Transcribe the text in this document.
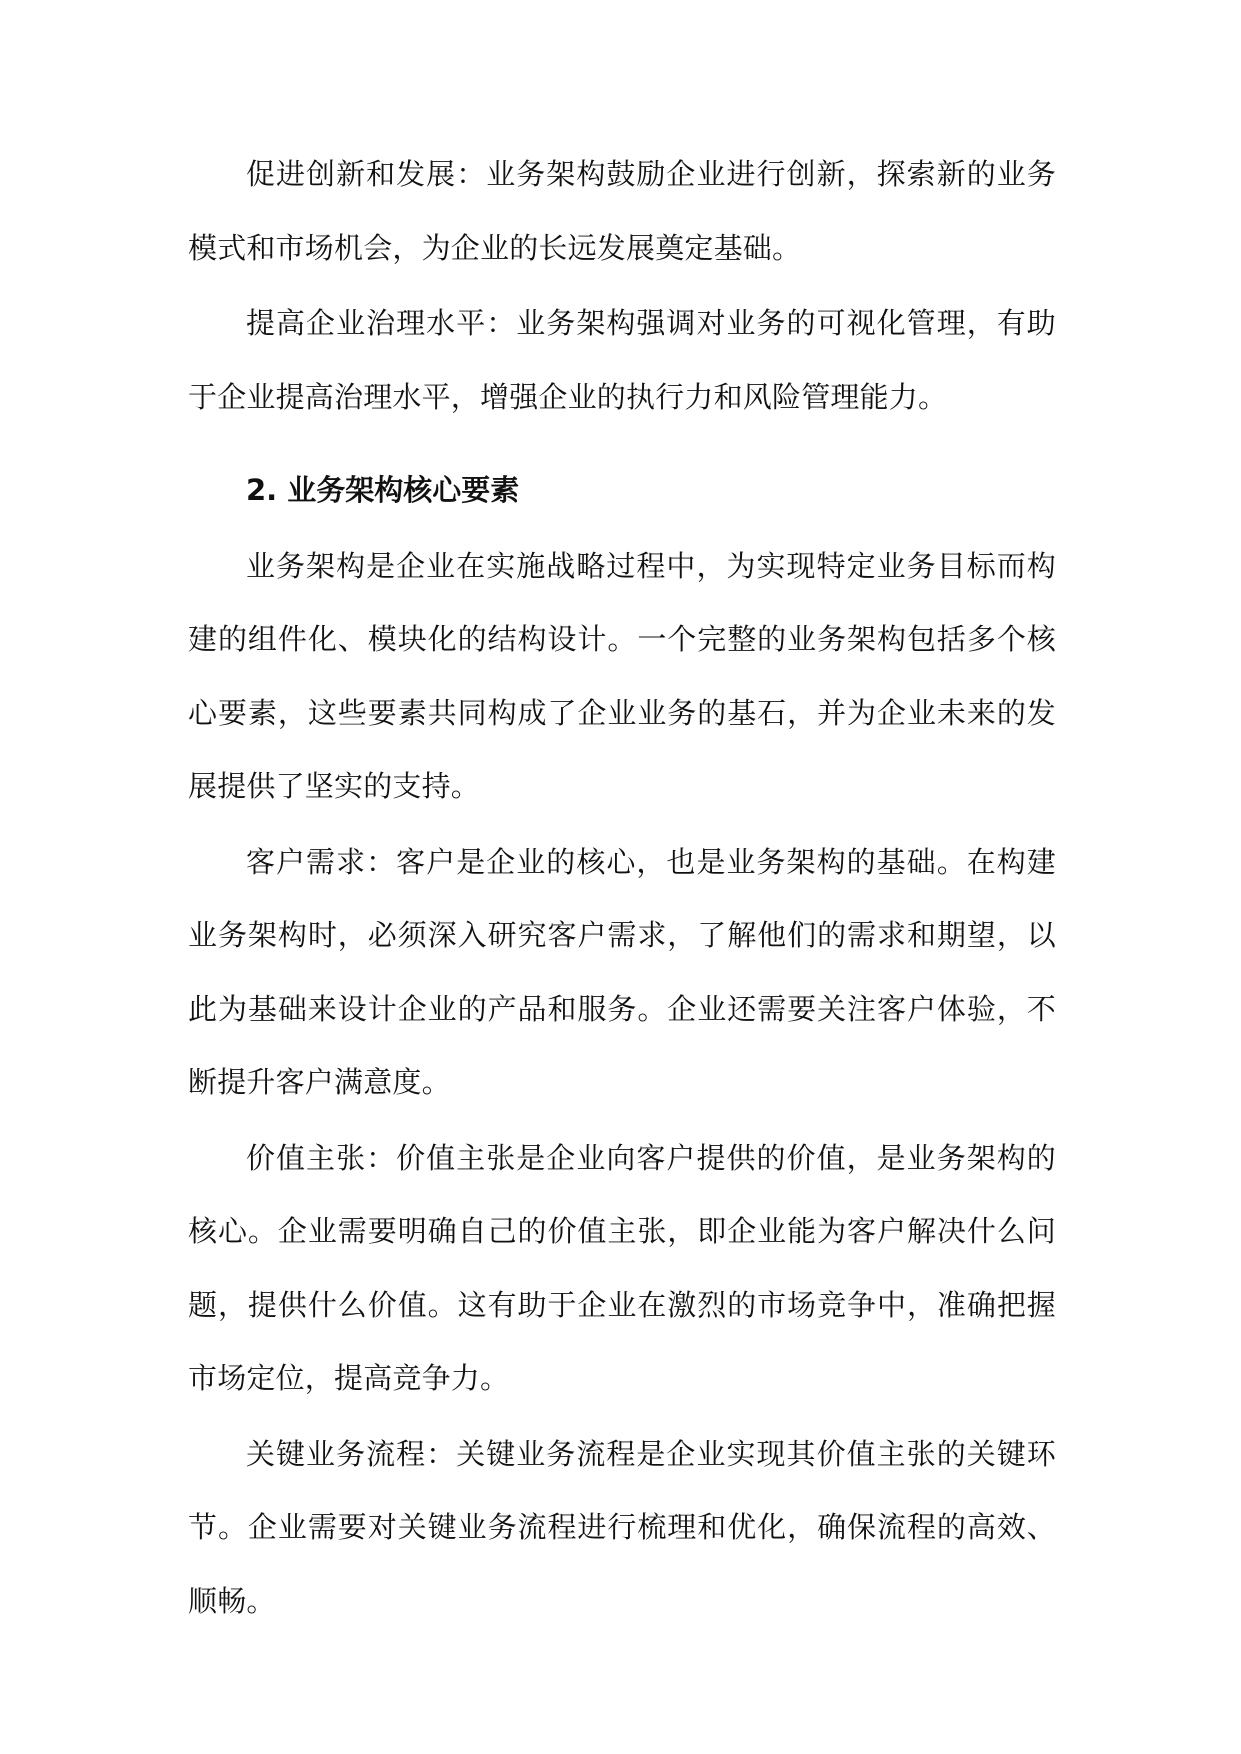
促进创新和发展：业务架构鼓励企业进行创新，探索新的业务模式和市场机会，为企业的长远发展奠定基础。

提高企业治理水平：业务架构强调对业务的可视化管理，有助于企业提高治理水平，增强企业的执行力和风险管理能力。

2. 业务架构核心要素

业务架构是企业在实施战略过程中，为实现特定业务目标而构建的组件化、模块化的结构设计。一个完整的业务架构包括多个核心要素，这些要素共同构成了企业业务的基石，并为企业未来的发展提供了坚实的支持。

客户需求：客户是企业的核心，也是业务架构的基础。在构建业务架构时，必须深入研究客户需求，了解他们的需求和期望，以此为基础来设计企业的产品和服务。企业还需要关注客户体验，不断提升客户满意度。

价值主张：价值主张是企业向客户提供的价值，是业务架构的核心。企业需要明确自己的价值主张，即企业能为客户解决什么问题，提供什么价值。这有助于企业在激烈的市场竞争中，准确把握市场定位，提高竞争力。

关键业务流程：关键业务流程是企业实现其价值主张的关键环节。企业需要对关键业务流程进行梳理和优化，确保流程的高效、顺畅。
